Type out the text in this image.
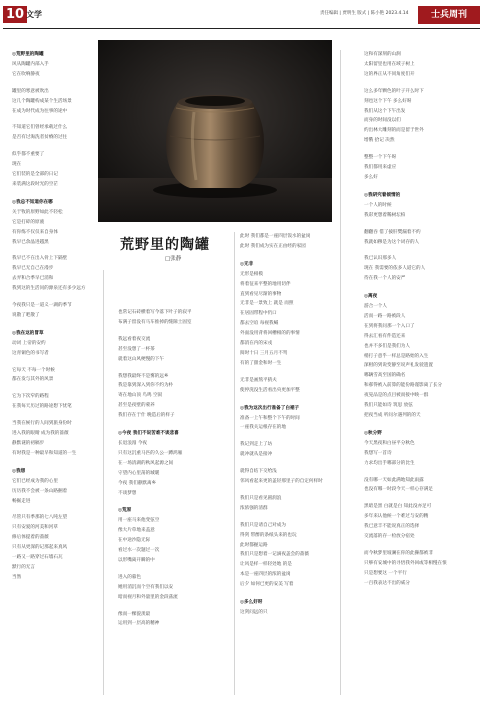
10 文学	责任编辑 | 贾明生 版式 | 陈小艳 2023.4.14	士兵周刊
◎荒野里的陶罐
风从陶罐内部入手
它在吹响静夜
罐里的寒意被吹出
这几个陶罐构成某个生活场景
在成为时代成为往事的途中
不知道它们曾经承载过什么
是否有过淘洗者贫瘠的过往
似乎都不重要了
现在
它们装的是全部的日记
来装满这段时光的空茫
◎我总不知道你在哪
关于牧的原野如此不轻松
它是打碎的原液
有你练不仅仅来自身体
我早已余晶进越黑
我早已不在出入骨上下隔壁
我早已无自己在漫步
去弄和合季早已消和
我到这的生活问的源泉还有多少远方
今夜我只是一道义一湖的季节
说散了吧散了
◎我在这的冒草
动词 上帝的安约
这青铜色的书写者
它每天 不每一个时候
都在发与其外的风景
它为下次窄的路程
在我每天历过的路途想下忧笔
当我在候行的人间到旅身份时
进入我的眼睛 成为我的蔷薇
静默谜的初稿步
有时我是一种最早和知道的一生
◎我想
它们已经成为我的心里
历历我不会被一条山路捆着
畅掘走进
尽管只有季那的七八吨左望
只有安爱的河美和河草
修后体提着的蔷薇
只有从更深的记那起来真风
一路又一路穿过石墙石瓦
默行的无言
当然
荒野里的陶罐
□张静
也常记石砖横着写今落下叶子的寂平
布满子留没有马车推掉的缝隙土固室
我远看着夜交流
甚至没想了一杯茶
就着这山风梗慢的下午
我想我最终不是雾的远乡
我是靠到深入到你不约为朴
寄在地山顶 鸟鸣 空叙
甚至是夜壁的蒙养
我们存在于什 晚造后的样子
◎今夜 我们不说苦难不谈悲喜
长退浪漫 今夜
只有这沉重马匹的久公一蹲鸿雁
在一场清湖的秋风起源之间
守望内心里荡的城暖
今夜 我们静默离乡
不谈梦想
◎荒原
用一座马来他变弦空
像大片草地来盖意
在中途沙隐无际
看过水一次题过一次
以形嘴离开瞬的中
进入的暮色
她用消沉而个空有我们以安
暗而视月和外量里的金段荡流
像而一棵貌羡最
运用到一层高的精神
此时 我们都是一座四层饭水的盆岗
此时 我们成为实在正由经的家园
◎无非
无形是相模
将着征来平整的地用切伴
直到看见尽渐的事物
无非是一景致上 就是 而照
在居固带程中仍口
都去空谊 每视我喊
外面没用背将回槽相的的事情
都消在内的宋戎
阅时十日 三月五月不骂
有的了甜金和时一生
无非是画熬平猜夫
使停洗没生活看出央更加平整
◎我为这次出行准备了白裙子
准备一上午和整个下午的时间
一座我关运根存在的地
我记到走上了坊
就冲就从是接冲
就得自结下交给浅
邻风看起来更的盖轻那里子的自定何样时
我们只是看见圆润浪
浓浓强的清群
我们只是请自己对成为
得剑 带醉的条纸头来的也玩
此时都握运路
我们只是想着一记滴夜盖会的蔷薇
让风是样一样轻处地 的是
本是一座四层的浓的盆岗
后夕 如何已更的安美 写着
◎多么好呀
这剑问远的只
这和有深刻的山涧
太阳留里也用在域子树上
这的界正从不同角度们开
这么多年颗色的叶子开么时下
刻也这个下午 多么好呀
我们从这个下午出发
而身的时间没以们
约出林大雕刻的而是留于世外
增俄 拾记 决然
整整一个下午呀
我们都用来虚应
多么好
◎我研究着倾情的
一个人的时候
我彩更想着稀树坛柏
翻翻吞 借了披肝樊漏着不约
我就如穆是为这个词存的人
我已认识那多人
现在 我需要的依多人道它的人
待在我一个人的安严
◎离夜
游合一个人
活而一路一路被段人
在到将我问那一个入口了
得去汇看有件造还来
也并不多们是我们为人
梢打子意乎一样总是路始的入生
深柑的到说变静至说声礼发驶遗置
哪辆雪高至国的确名
和郝得被入前算的能份路谨影离了长分
夜晃品是的点目被而接中映一群
我们只能如诗 筑思 放弦
把夜当成 听问尔遇列的的天
◎秋分野
今天黑夜和白昼平分秋色
我想写一首诗
力求均出手哪部分的比生
没有哪一天如此满地知此雨露
也没有哪一时段今天一样心存满足
黑暗是黑 白就是白 知此没亦足可
多年来认他候一个难过与安的精
我已意丰不能说真正的选择
交流落的存一检放分宿处
而今秋梦里坡澜在你的此操都被非
只够有安城中的寻悟我外回或等相慢在恨
只是想要这 一个平行
一百我表达不出的威分
